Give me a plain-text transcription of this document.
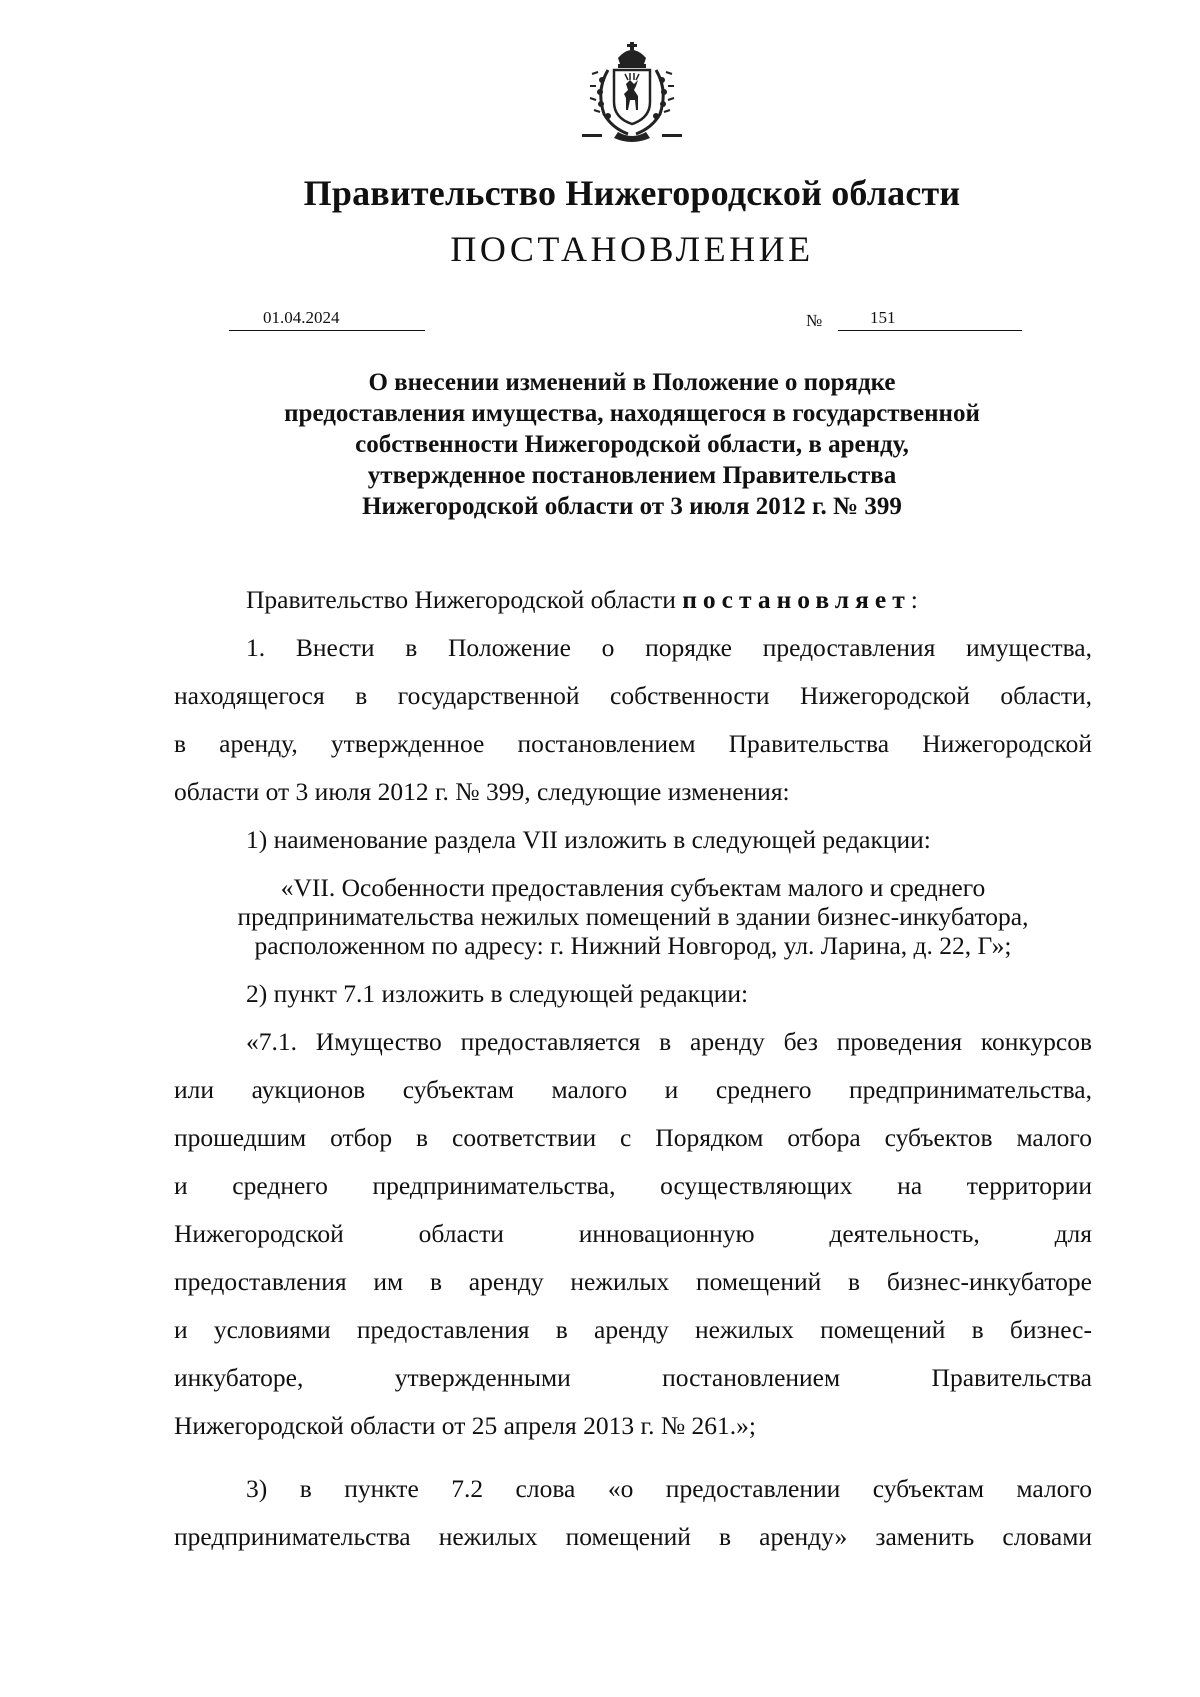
Правительство Нижегородской области
ПОСТАНОВЛЕНИЕ
01.04.2024	№	151
О внесении изменений в Положение о порядке
предоставления имущества, находящегося в государственной
собственности Нижегородской области, в аренду,
утвержденное постановлением Правительства
Нижегородской области от 3 июля 2012 г. № 399
Правительство Нижегородской области постановляет:
1. Внести в Положение о порядке предоставления имущества,
находящегося в государственной собственности Нижегородской области,
в аренду, утвержденное постановлением Правительства Нижегородской
области от 3 июля 2012 г. № 399, следующие изменения:
1) наименование раздела VII изложить в следующей редакции:
«VII. Особенности предоставления субъектам малого и среднего
предпринимательства нежилых помещений в здании бизнес-инкубатора,
расположенном по адресу: г. Нижний Новгород, ул. Ларина, д. 22, Г»;
2) пункт 7.1 изложить в следующей редакции:
«7.1. Имущество предоставляется в аренду без проведения конкурсов
или аукционов субъектам малого и среднего предпринимательства,
прошедшим отбор в соответствии с Порядком отбора субъектов малого
и среднего предпринимательства, осуществляющих на территории
Нижегородской области инновационную деятельность, для
предоставления им в аренду нежилых помещений в бизнес-инкубаторе
и условиями предоставления в аренду нежилых помещений в бизнес-
инкубаторе, утвержденными постановлением Правительства
Нижегородской области от 25 апреля 2013 г. № 261.»;
3) в пункте 7.2 слова «о предоставлении субъектам малого
предпринимательства нежилых помещений в аренду» заменить словами
